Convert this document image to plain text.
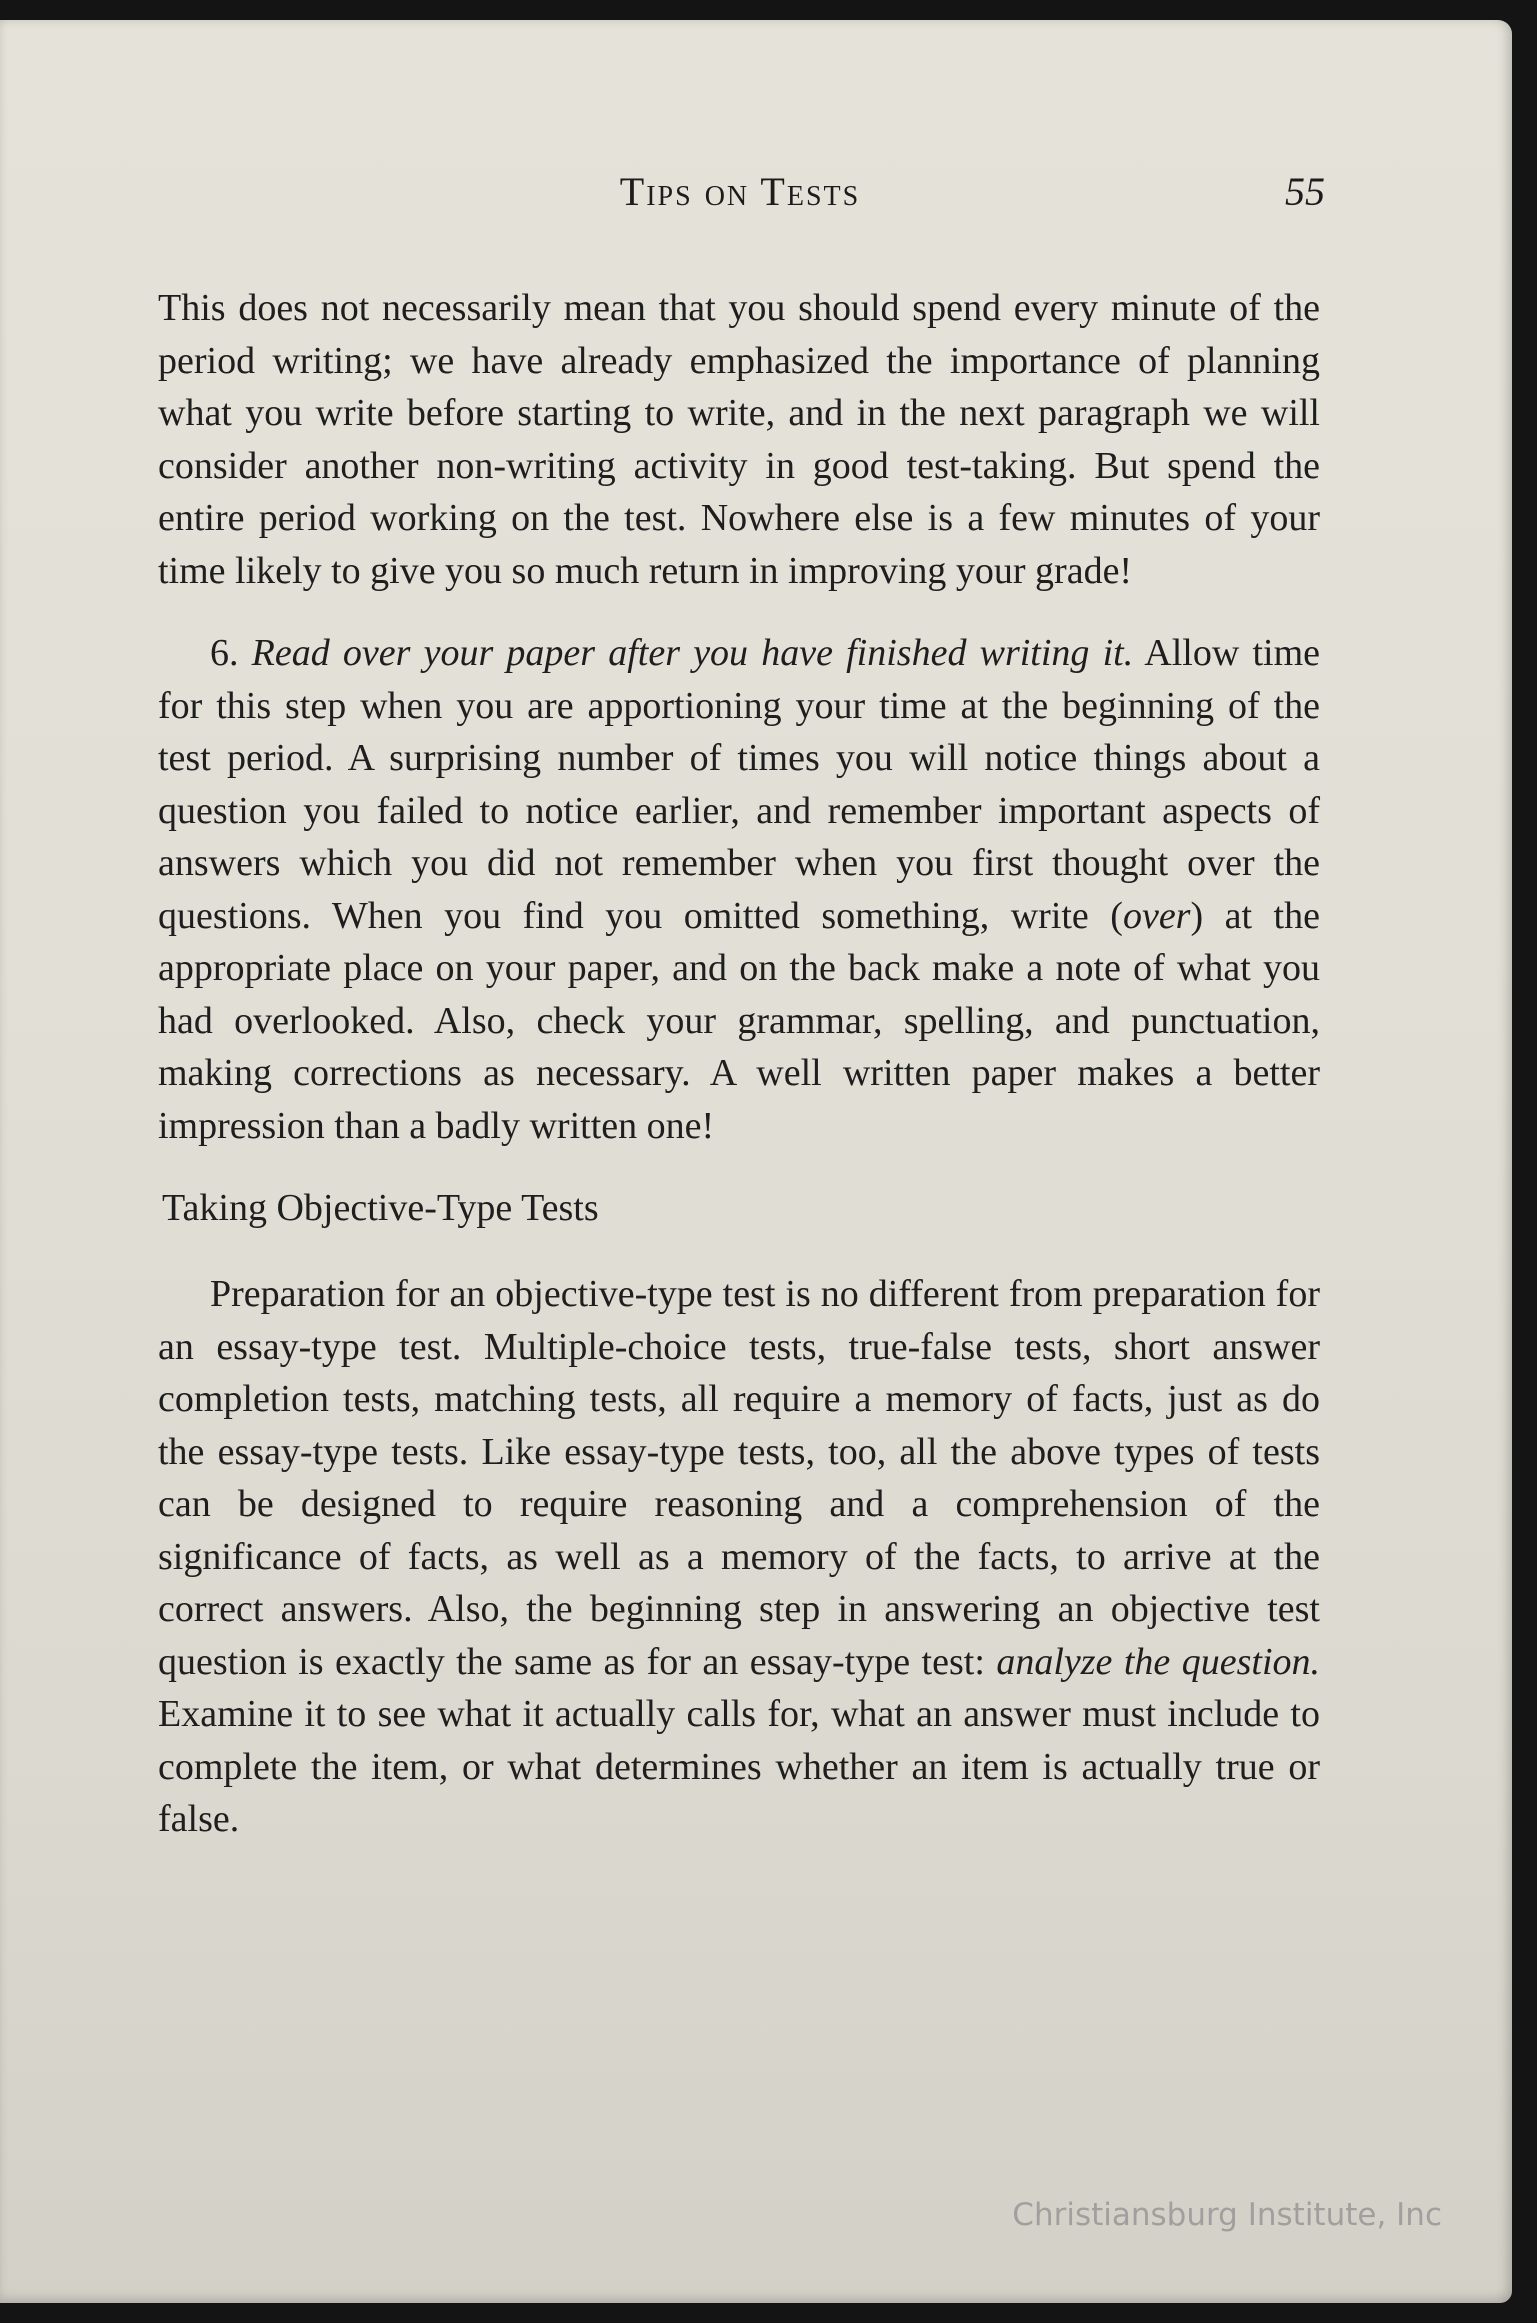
Tips on Tests	55

This does not necessarily mean that you should spend every minute of the period writing; we have already emphasized the importance of planning what you write before starting to write, and in the next paragraph we will consider another non-writing activity in good test-taking. But spend the entire period working on the test. Nowhere else is a few minutes of your time likely to give you so much return in improving your grade!

6. Read over your paper after you have finished writing it. Allow time for this step when you are apportioning your time at the beginning of the test period. A surprising number of times you will notice things about a question you failed to notice earlier, and remember important aspects of answers which you did not remember when you first thought over the questions. When you find you omitted something, write (over) at the appropriate place on your paper, and on the back make a note of what you had overlooked. Also, check your grammar, spelling, and punctuation, making corrections as necessary. A well written paper makes a better impression than a badly written one!

Taking Objective-Type Tests

Preparation for an objective-type test is no different from preparation for an essay-type test. Multiple-choice tests, true-false tests, short answer completion tests, matching tests, all require a memory of facts, just as do the essay-type tests. Like essay-type tests, too, all the above types of tests can be designed to require reasoning and a comprehension of the significance of facts, as well as a memory of the facts, to arrive at the correct answers. Also, the beginning step in answering an objective test question is exactly the same as for an essay-type test: analyze the question. Examine it to see what it actually calls for, what an answer must include to complete the item, or what determines whether an item is actually true or false.

Christiansburg Institute, Inc
